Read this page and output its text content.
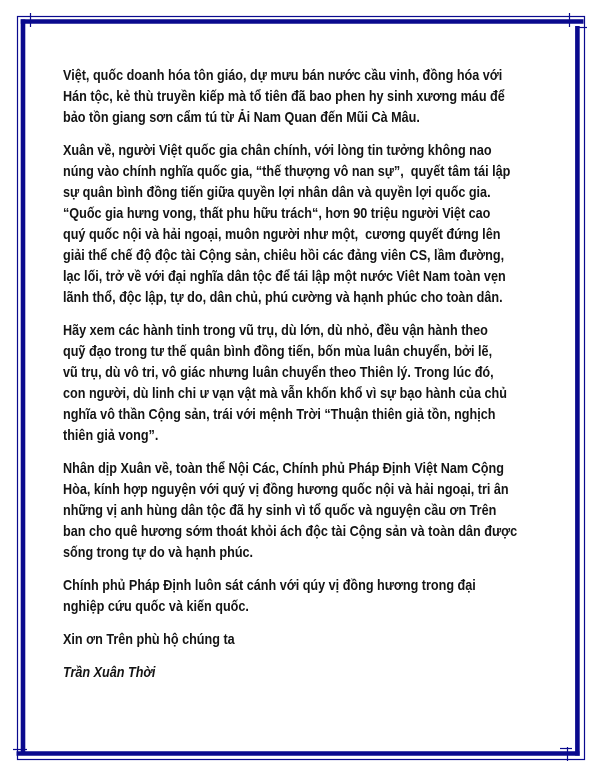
Việt, quốc doanh hóa tôn giáo, dự mưu bán nước cầu vinh, đồng hóa với
Hán tộc, kẻ thù truyền kiếp mà tổ tiên đã bao phen hy sinh xương máu để
bảo tồn giang sơn cẩm tú từ Ải Nam Quan đến Mũi Cà Mâu.
Xuân về, người Việt quốc gia chân chính, với lòng tin tưởng không nao
núng vào chính nghĩa quốc gia, “thế thượng vô nan sự”,  quyết tâm tái lập
sự quân bình đồng tiến giữa quyền lợi nhân dân và quyền lợi quốc gia.
“Quốc gia hưng vong, thất phu hữu trách“, hơn 90 triệu người Việt cao
quý quốc nội và hải ngoại, muôn người như một,  cương quyết đứng lên
giải thể chế độ độc tài Cộng sản, chiêu hồi các đảng viên CS, lầm đường,
lạc lối, trở về với đại nghĩa dân tộc để tái lập một nước Viêt Nam toàn vẹn
lãnh thổ, độc lập, tự do, dân chủ, phú cường và hạnh phúc cho toàn dân.
Hãy xem các hành tinh trong vũ trụ, dù lớn, dù nhỏ, đều vận hành theo
quỹ đạo trong tư thế quân bình đồng tiến, bốn mùa luân chuyển, bởi lẽ,
vũ trụ, dù vô tri, vô giác nhưng luân chuyển theo Thiên lý. Trong lúc đó,
con người, dù linh chi ư vạn vật mà vẫn khốn khổ vì sự bạo hành của chủ
nghĩa vô thần Cộng sản, trái với mệnh Trời “Thuận thiên giả tồn, nghịch
thiên giả vong”.
Nhân dịp Xuân về, toàn thể Nội Các, Chính phủ Pháp Định Việt Nam Cộng
Hòa, kính hợp nguyện với quý vị đồng hương quốc nội và hải ngoại, tri ân
những vị anh hùng dân tộc đã hy sinh vì tổ quốc và nguyện cầu ơn Trên
ban cho quê hương sớm thoát khỏi ách độc tài Cộng sản và toàn dân được
sống trong tự do và hạnh phúc.
Chính phủ Pháp Định luôn sát cánh với qúy vị đồng hương trong đại
nghiệp cứu quốc và kiến quốc.
Xin ơn Trên phù hộ chúng ta
Trần Xuân Thời
